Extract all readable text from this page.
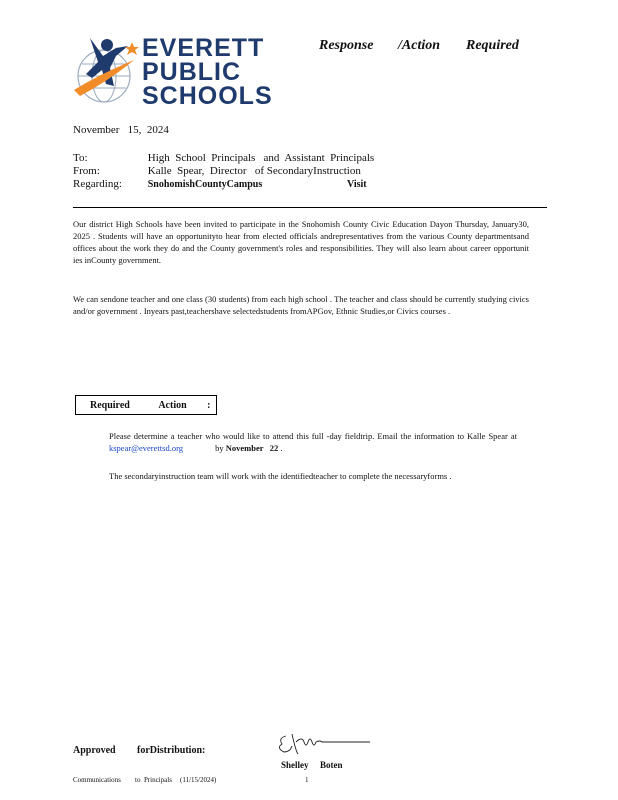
EVERETT
PUBLIC
SCHOOLS
Response /Action Required
November   15,  2024
To:	High  School  Principals   and  Assistant  Principals
From:	Kalle  Spear,  Director   of SecondaryInstruction
Regarding:	SnohomishCountyCampus	Visit
Our district High Schools have been invited to participate in the Snohomish County Civic Education Dayon Thursday, January30, 2025 . Students will have an opportunityto hear from elected officials andrepresentatives from the various County departmentsand offices about the work they do and the County government's roles and responsibilities. They will also learn about career opportunit ies inCounty government.
We can sendone teacher and one class (30 students) from each high school . The teacher and class should be currently studying civics and/or government . Inyears past,teachershave selectedstudents fromAPGov, Ethnic Studies,or Civics courses .
Required	Action :
Please determine a teacher who would like to attend this full -day fieldtrip. Email the information to Kalle Spear at kspear@everettsd.org	by November   22 .
The secondaryinstruction team will work with the identifiedteacher to complete the necessaryforms .
Approved forDistribution:
Shelley Boten
Communications to  Principals (11/15/2024)	1
